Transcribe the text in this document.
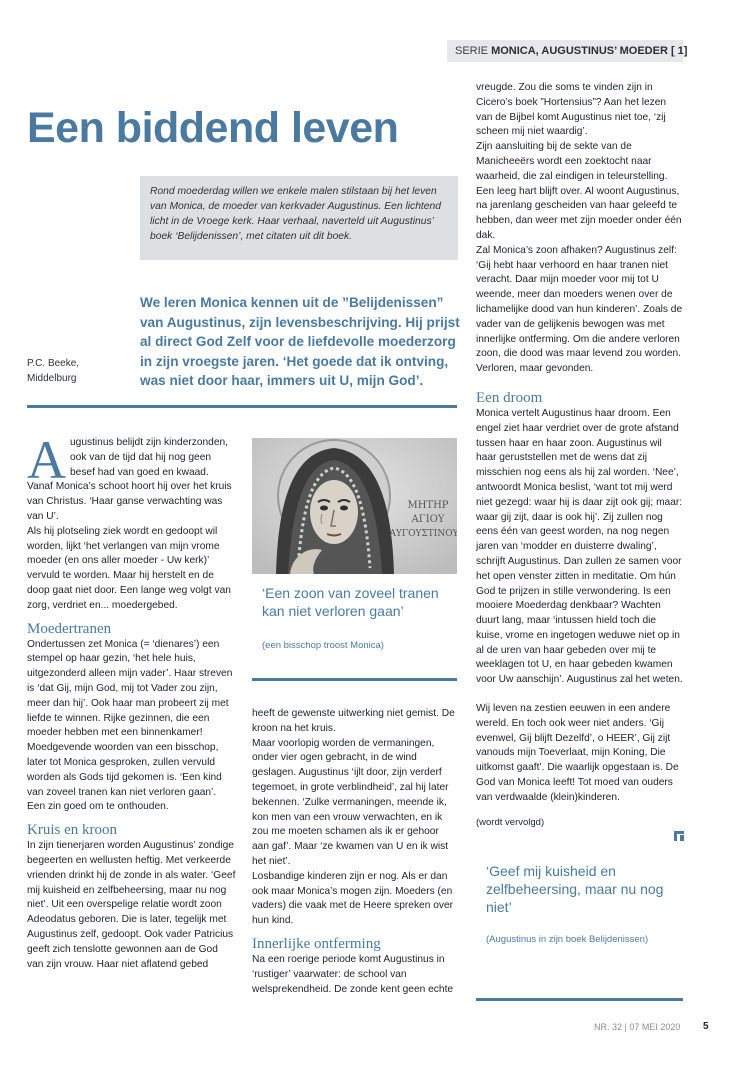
SERIE MONICA, AUGUSTINUS’ MOEDER [ 1]
Een biddend leven
Rond moederdag willen we enkele malen stilstaan bij het leven van Monica, de moeder van kerkvader Augustinus. Een lichtend licht in de Vroege kerk. Haar verhaal, naverteld uit Augustinus’ boek ‘Belijdenissen’, met citaten uit dit boek.
We leren Monica kennen uit de ”Belijdenissen” van Augustinus, zijn levensbeschrijving. Hij prijst al direct God Zelf voor de liefdevolle moederzorg in zijn vroegste jaren. ‘Het goede dat ik ontving, was niet door haar, immers uit U, mijn God’.
P.C. Beeke,
Middelburg

Augustinus belijdt zijn kinderzonden, ook van de tijd dat hij nog geen besef had van goed en kwaad. Vanaf Monica’s schoot hoort hij over het kruis van Christus. ‘Haar ganse verwachting was van U’.

Als hij plotseling ziek wordt en gedoopt wil worden, lijkt ‘het verlangen van mijn vrome moeder (en ons aller moeder - Uw kerk)’ vervuld te worden. Maar hij herstelt en de doop gaat niet door. Een lange weg volgt van zorg, verdriet en... moedergebed.

Moedertranen

Ondertussen zet Monica (= ‘dienares’) een stempel op haar gezin, ‘het hele huis, uitgezonderd alleen mijn vader’. Haar streven is ‘dat Gij, mijn God, mij tot Vader zou zijn, meer dan hij’. Ook haar man probeert zij met liefde te winnen. Rijke gezinnen, die een moeder hebben met een binnenkamer! Moedgevende woorden van een bisschop, later tot Monica gesproken, zullen vervuld worden als Gods tijd gekomen is. ‘Een kind van zoveel tranen kan niet verloren gaan’. Een zin goed om te onthouden.

Kruis en kroon

In zijn tienerjaren worden Augustinus’ zondige begeerten en wellusten heftig. Met verkeerde vrienden drinkt hij de zonde in als water. ‘Geef mij kuisheid en zelfbeheersing, maar nu nog niet’. Uit een overspelige relatie wordt zoon Adeodatus geboren. Die is later, tegelijk met Augustinus zelf, gedoopt. Ook vader Patricius geeft zich tenslotte gewonnen aan de God van zijn vrouw. Haar niet aflatend gebed

ΜΗΤΗΡ
ΑΓΙΟΥ
ΑΥΓΟΥΣΤΙΝΟΥ
‘Een zoon van zoveel tranen kan niet verloren gaan’
(een bisschop troost Monica)

heeft de gewenste uitwerking niet gemist. De kroon na het kruis.

Maar voorlopig worden de vermaningen, onder vier ogen gebracht, in de wind geslagen. Augustinus ‘ijlt door, zijn verderf tegemoet, in grote verblindheid’, zal hij later bekennen. ‘Zulke vermaningen, meende ik, kon men van een vrouw verwachten, en ik zou me moeten schamen als ik er gehoor aan gaf’. Maar ‘ze kwamen van U en ik wist het niet’.

Losbandige kinderen zijn er nog. Als er dan ook maar Monica’s mogen zijn. Moeders (en vaders) die vaak met de Heere spreken over hun kind.

Innerlijke ontferming

Na een roerige periode komt Augustinus in ‘rustiger’ vaarwater: de school van welsprekendheid. De zonde kent geen echte

vreugde. Zou die soms te vinden zijn in Cicero’s boek ”Hortensius”? Aan het lezen van de Bijbel komt Augustinus niet toe, ‘zij scheen mij niet waardig’.

Zijn aansluiting bij de sekte van de Manicheeërs wordt een zoektocht naar waarheid, die zal eindigen in teleurstelling. Een leeg hart blijft over. Al woont Augustinus, na jarenlang gescheiden van haar geleefd te hebben, dan weer met zijn moeder onder één dak.

Zal Monica’s zoon afhaken? Augustinus zelf: ‘Gij hebt haar verhoord en haar tranen niet veracht. Daar mijn moeder voor mij tot U weende, meer dan moeders wenen over de lichamelijke dood van hun kinderen’. Zoals de vader van de gelijkenis bewogen was met innerlijke ontferming. Om die andere verloren zoon, die dood was maar levend zou worden. Verloren, maar gevonden.

Een droom

Monica vertelt Augustinus haar droom. Een engel ziet haar verdriet over de grote afstand tussen haar en haar zoon. Augustinus wil haar geruststellen met de wens dat zij misschien nog eens als hij zal worden. ‘Nee’, antwoordt Monica beslist, ‘want tot mij werd niet gezegd: waar hij is daar zijt ook gij; maar: waar gij zijt, daar is ook hij’. Zij zullen nog eens één van geest worden, na nog negen jaren van ‘modder en duisterre dwaling’, schrijft Augustinus. Dan zullen ze samen voor het open venster zitten in meditatie. Om hún God te prijzen in stille verwondering. Is een mooiere Moederdag denkbaar? Wachten duurt lang, maar ‘intussen hield toch die kuise, vrome en ingetogen weduwe niet op in al de uren van haar gebeden over mij te weeklagen tot U, en haar gebeden kwamen voor Uw aanschijn’. Augustinus zal het weten.

Wij leven na zestien eeuwen in een andere wereld. En toch ook weer niet anders. ‘Gij evenwel, Gij blijft Dezelfd’, o HEER’, Gij zijt vanouds mijn Toeverlaat, mijn Koning, Die uitkomst gaaft’. Die waarlijk opgestaan is. De God van Monica leeft! Tot moed van ouders van verdwaalde (klein)kinderen.

(wordt vervolgd)

‘Geef mij kuisheid en zelfbeheersing, maar nu nog niet’
(Augustinus in zijn boek Belijdenissen)
NR. 32 | 07 MEI 2020 5
